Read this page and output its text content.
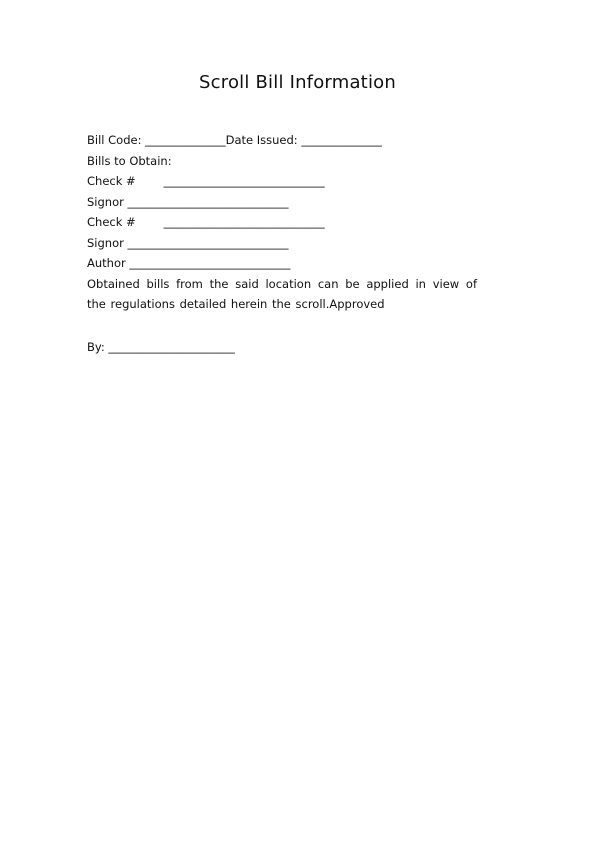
Scroll Bill Information
Bill Code: ______________Date Issued: ______________
Bills to Obtain:
Check # ____________________________
Signor ____________________________
Check # ____________________________
Signor ____________________________
Author ____________________________

Obtained bills from the said location can be applied in view of the regulations detailed herein the scroll.Approved

By: ______________________
